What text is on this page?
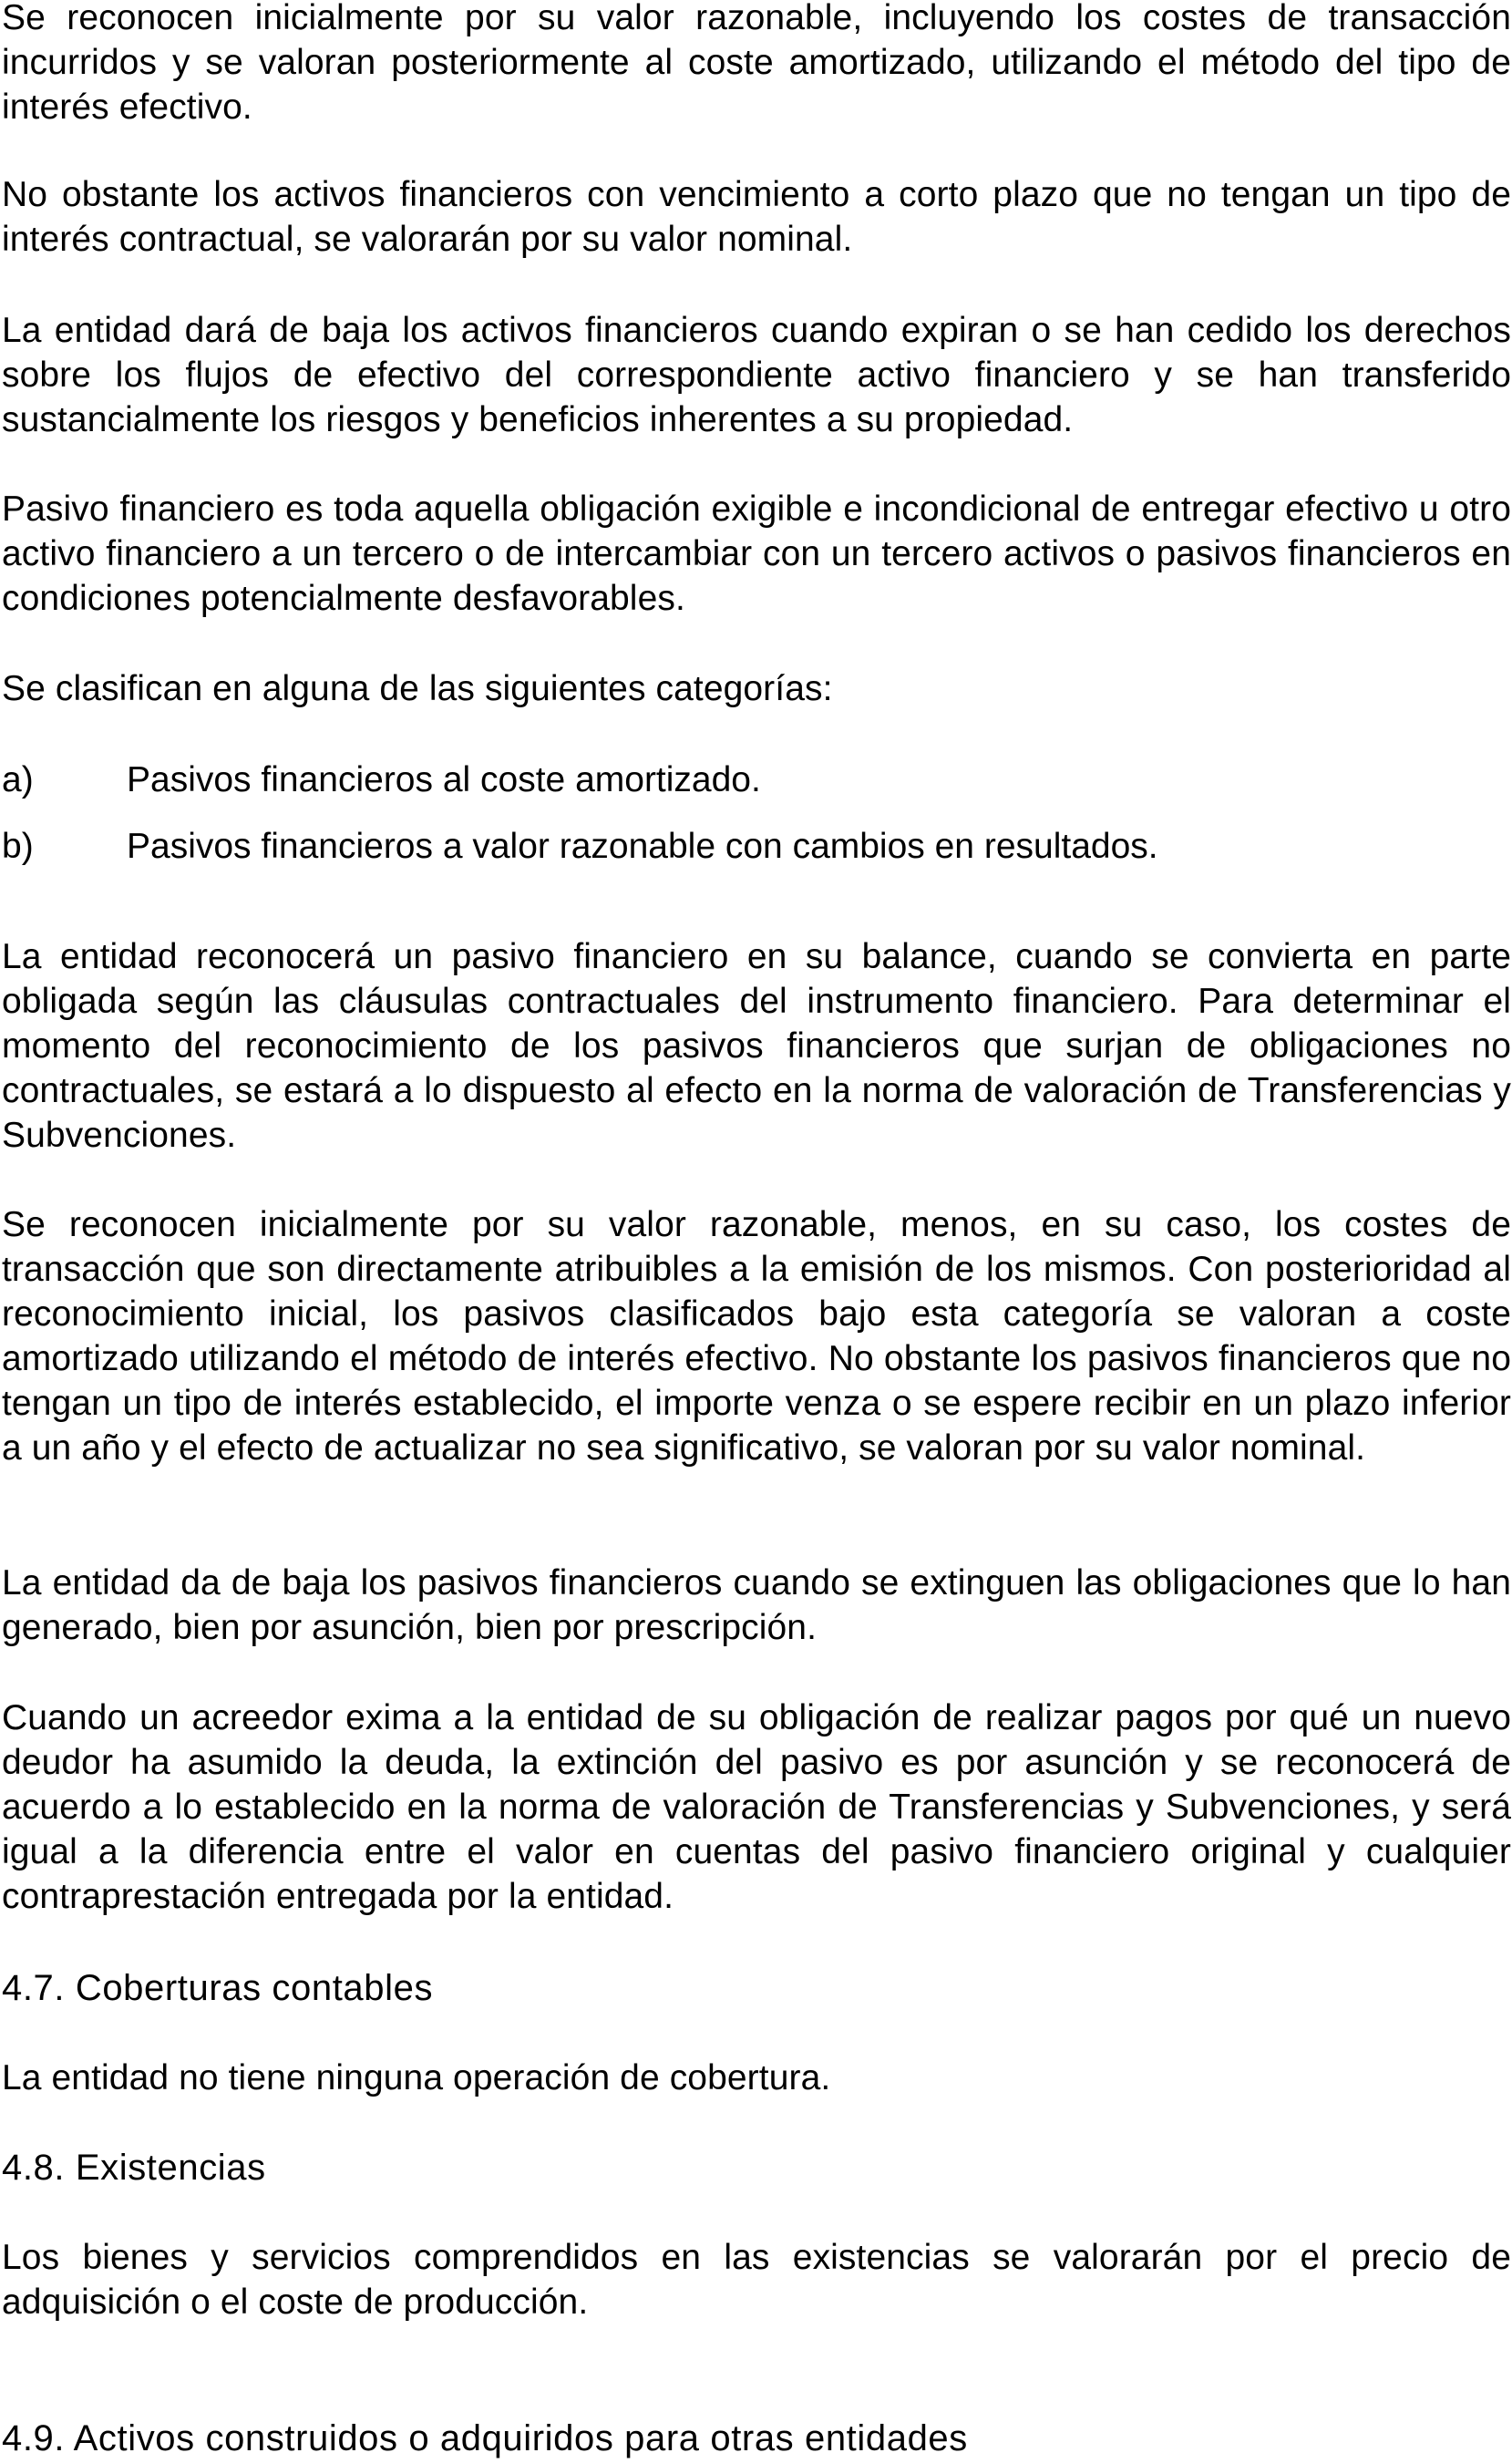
Se reconocen inicialmente por su valor razonable, incluyendo los costes de transacción incurridos y se valoran posteriormente al coste amortizado, utilizando el método del tipo de interés efectivo.

No obstante los activos financieros con vencimiento a corto plazo que no tengan un tipo de interés contractual, se valorarán por su valor nominal.

La entidad dará de baja los activos financieros cuando expiran o se han cedido los derechos sobre los flujos de efectivo del correspondiente activo financiero y se han transferido sustancialmente los riesgos y beneficios inherentes a su propiedad.

Pasivo financiero es toda aquella obligación exigible e incondicional de entregar efectivo u otro activo financiero a un tercero o de intercambiar con un tercero activos o pasivos financieros en condiciones potencialmente desfavorables.

Se clasifican en alguna de las siguientes categorías:

a)	Pasivos financieros al coste amortizado.
b)	Pasivos financieros a valor razonable con cambios en resultados.

La entidad reconocerá un pasivo financiero en su balance, cuando se convierta en parte obligada según las cláusulas contractuales del instrumento financiero. Para determinar el momento del reconocimiento de los pasivos financieros que surjan de obligaciones no contractuales, se estará a lo dispuesto al efecto en la norma de valoración de Transferencias y Subvenciones.

Se reconocen inicialmente por su valor razonable, menos, en su caso, los costes de transacción que son directamente atribuibles a la emisión de los mismos. Con posterioridad al reconocimiento inicial, los pasivos clasificados bajo esta categoría se valoran a coste amortizado utilizando el método de interés efectivo. No obstante los pasivos financieros que no tengan un tipo de interés establecido, el importe venza o se espere recibir en un plazo inferior a un año y el efecto de actualizar no sea significativo, se valoran por su valor nominal.

La entidad da de baja los pasivos financieros cuando se extinguen las obligaciones que lo han generado, bien por asunción, bien por prescripción.

Cuando un acreedor exima a la entidad de su obligación de realizar pagos por qué un nuevo deudor ha asumido la deuda, la extinción del pasivo es por asunción y se reconocerá de acuerdo a lo establecido en la norma de valoración de Transferencias y Subvenciones, y será igual a la diferencia entre el valor en cuentas del pasivo financiero original y cualquier contraprestación entregada por la entidad.

4.7. Coberturas contables

La entidad no tiene ninguna operación de cobertura.

4.8. Existencias

Los bienes y servicios comprendidos en las existencias se valorarán por el precio de adquisición o el coste de producción.

4.9. Activos construidos o adquiridos para otras entidades
